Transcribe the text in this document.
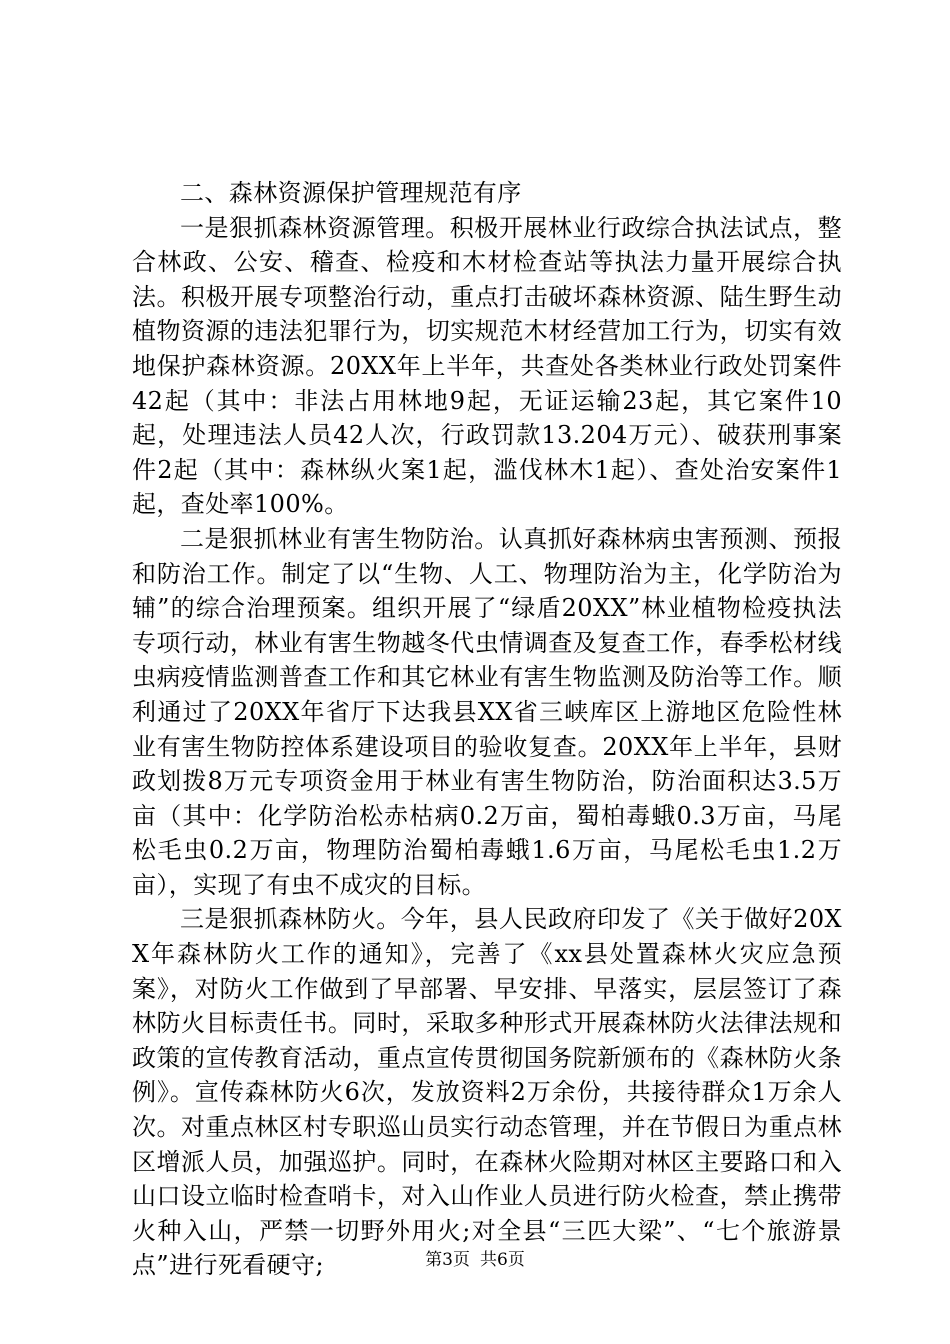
二、森林资源保护管理规范有序

一是狠抓森林资源管理。积极开展林业行政综合执法试点，整合林政、公安、稽查、检疫和木材检查站等执法力量开展综合执法。积极开展专项整治行动，重点打击破坏森林资源、陆生野生动植物资源的违法犯罪行为，切实规范木材经营加工行为，切实有效地保护森林资源。20XX年上半年，共查处各类林业行政处罚案件42起（其中：非法占用林地9起，无证运输23起，其它案件10起，处理违法人员42人次，行政罚款13.204万元）、破获刑事案件2起（其中：森林纵火案1起，滥伐林木1起）、查处治安案件1起，查处率100%。

二是狠抓林业有害生物防治。认真抓好森林病虫害预测、预报和防治工作。制定了以“生物、人工、物理防治为主，化学防治为辅”的综合治理预案。组织开展了“绿盾20XX”林业植物检疫执法专项行动，林业有害生物越冬代虫情调查及复查工作，春季松材线虫病疫情监测普查工作和其它林业有害生物监测及防治等工作。顺利通过了20XX年省厅下达我县XX省三峡库区上游地区危险性林业有害生物防控体系建设项目的验收复查。20XX年上半年，县财政划拨8万元专项资金用于林业有害生物防治，防治面积达3.5万亩（其中：化学防治松赤枯病0.2万亩，蜀柏毒蛾0.3万亩，马尾松毛虫0.2万亩，物理防治蜀柏毒蛾1.6万亩，马尾松毛虫1.2万亩），实现了有虫不成灾的目标。

三是狠抓森林防火。今年，县人民政府印发了《关于做好20XX年森林防火工作的通知》，完善了《xx县处置森林火灾应急预案》，对防火工作做到了早部署、早安排、早落实，层层签订了森林防火目标责任书。同时，采取多种形式开展森林防火法律法规和政策的宣传教育活动，重点宣传贯彻国务院新颁布的《森林防火条例》。宣传森林防火6次，发放资料2万余份，共接待群众1万余人次。对重点林区村专职巡山员实行动态管理，并在节假日为重点林区增派人员，加强巡护。同时，在森林火险期对林区主要路口和入山口设立临时检查哨卡，对入山作业人员进行防火检查，禁止携带火种入山，严禁一切野外用火;对全县“三匹大梁”、“七个旅游景点”进行死看硬守;	第3页 共6页
